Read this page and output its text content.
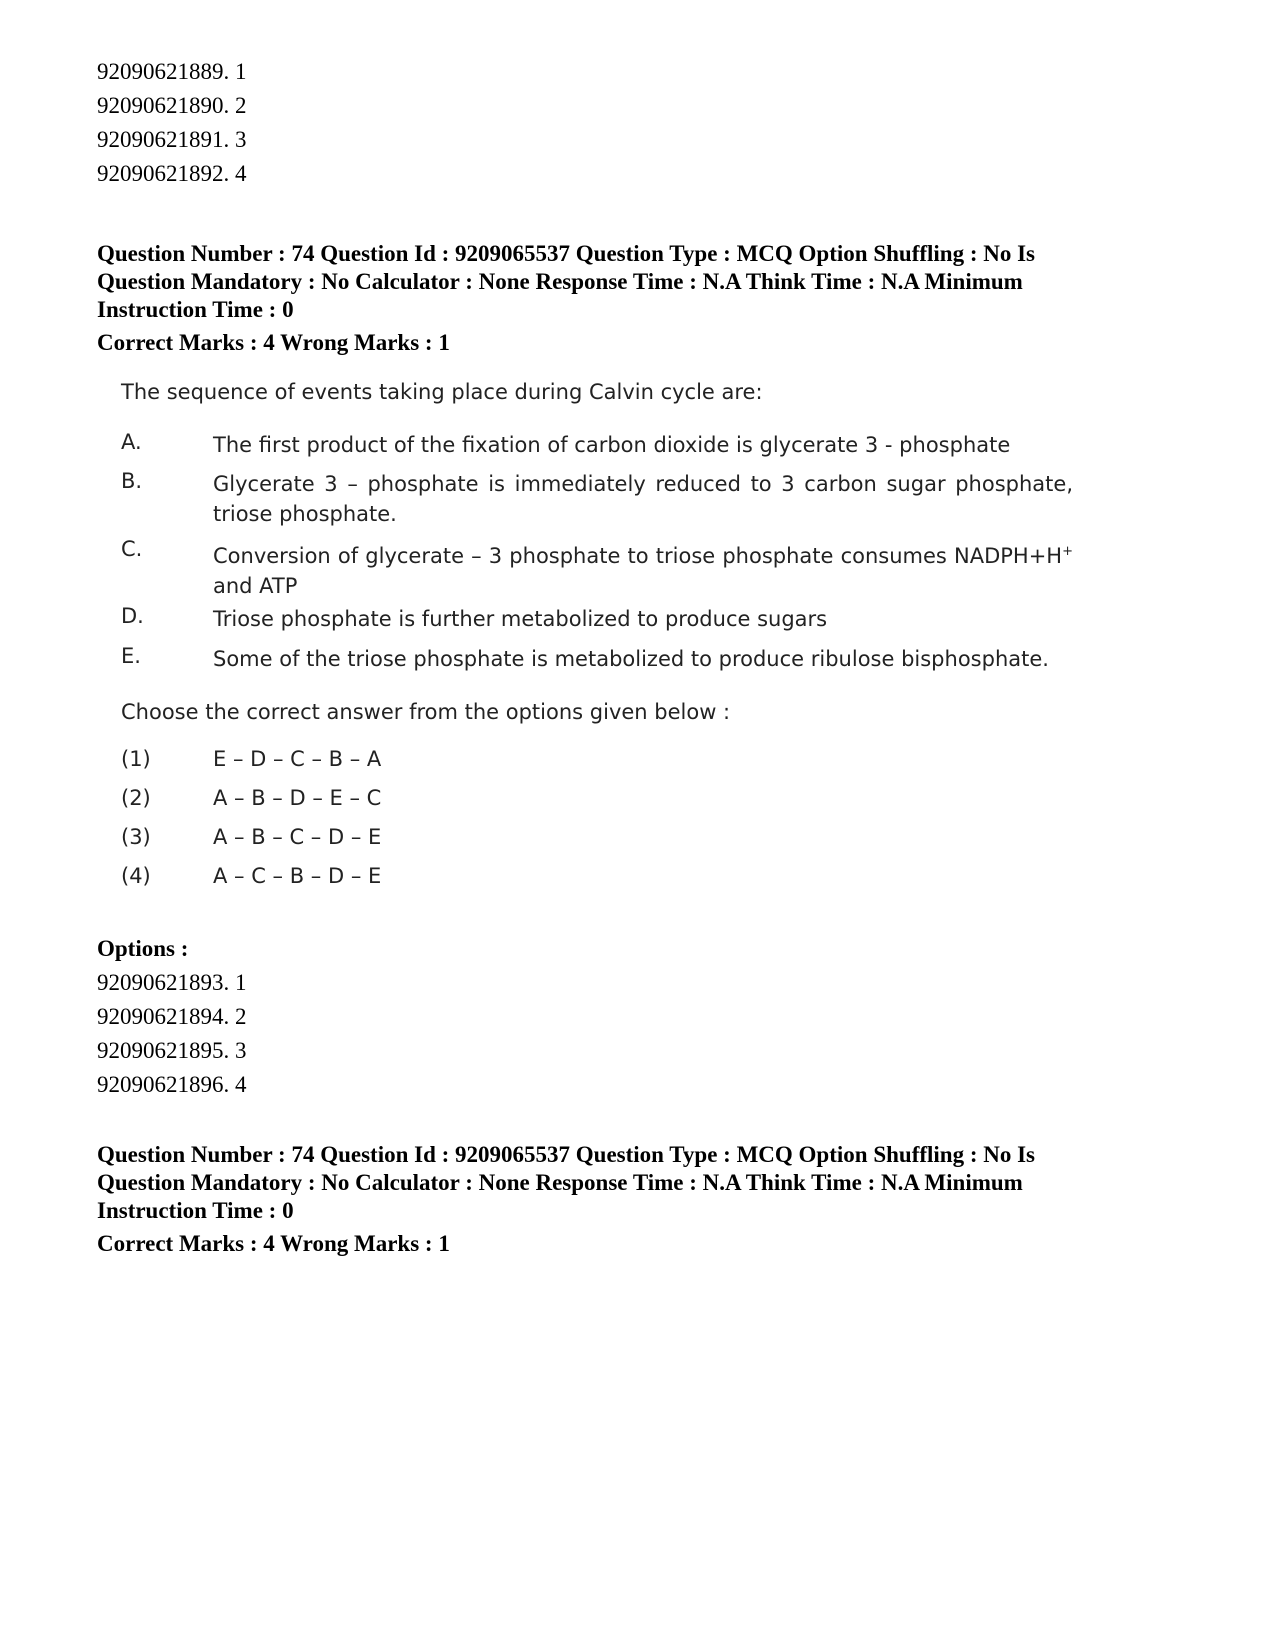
92090621889. 1
92090621890. 2
92090621891. 3
92090621892. 4
Question Number : 74 Question Id : 9209065537 Question Type : MCQ Option Shuffling : No Is Question Mandatory : No Calculator : None Response Time : N.A Think Time : N.A Minimum Instruction Time : 0
Correct Marks : 4 Wrong Marks : 1
The sequence of events taking place during Calvin cycle are:
A.	The first product of the fixation of carbon dioxide is glycerate 3 - phosphate
B.	Glycerate 3 – phosphate is immediately reduced to 3 carbon sugar phosphate, triose phosphate.
C.	Conversion of glycerate – 3 phosphate to triose phosphate consumes NADPH+H+ and ATP
D.	Triose phosphate is further metabolized to produce sugars
E.	Some of the triose phosphate is metabolized to produce ribulose bisphosphate.
Choose the correct answer from the options given below :
(1)	E – D – C – B – A
(2)	A – B – D – E – C
(3)	A – B – C – D – E
(4)	A – C – B – D – E
Options :
92090621893. 1
92090621894. 2
92090621895. 3
92090621896. 4
Question Number : 74 Question Id : 9209065537 Question Type : MCQ Option Shuffling : No Is Question Mandatory : No Calculator : None Response Time : N.A Think Time : N.A Minimum Instruction Time : 0
Correct Marks : 4 Wrong Marks : 1
